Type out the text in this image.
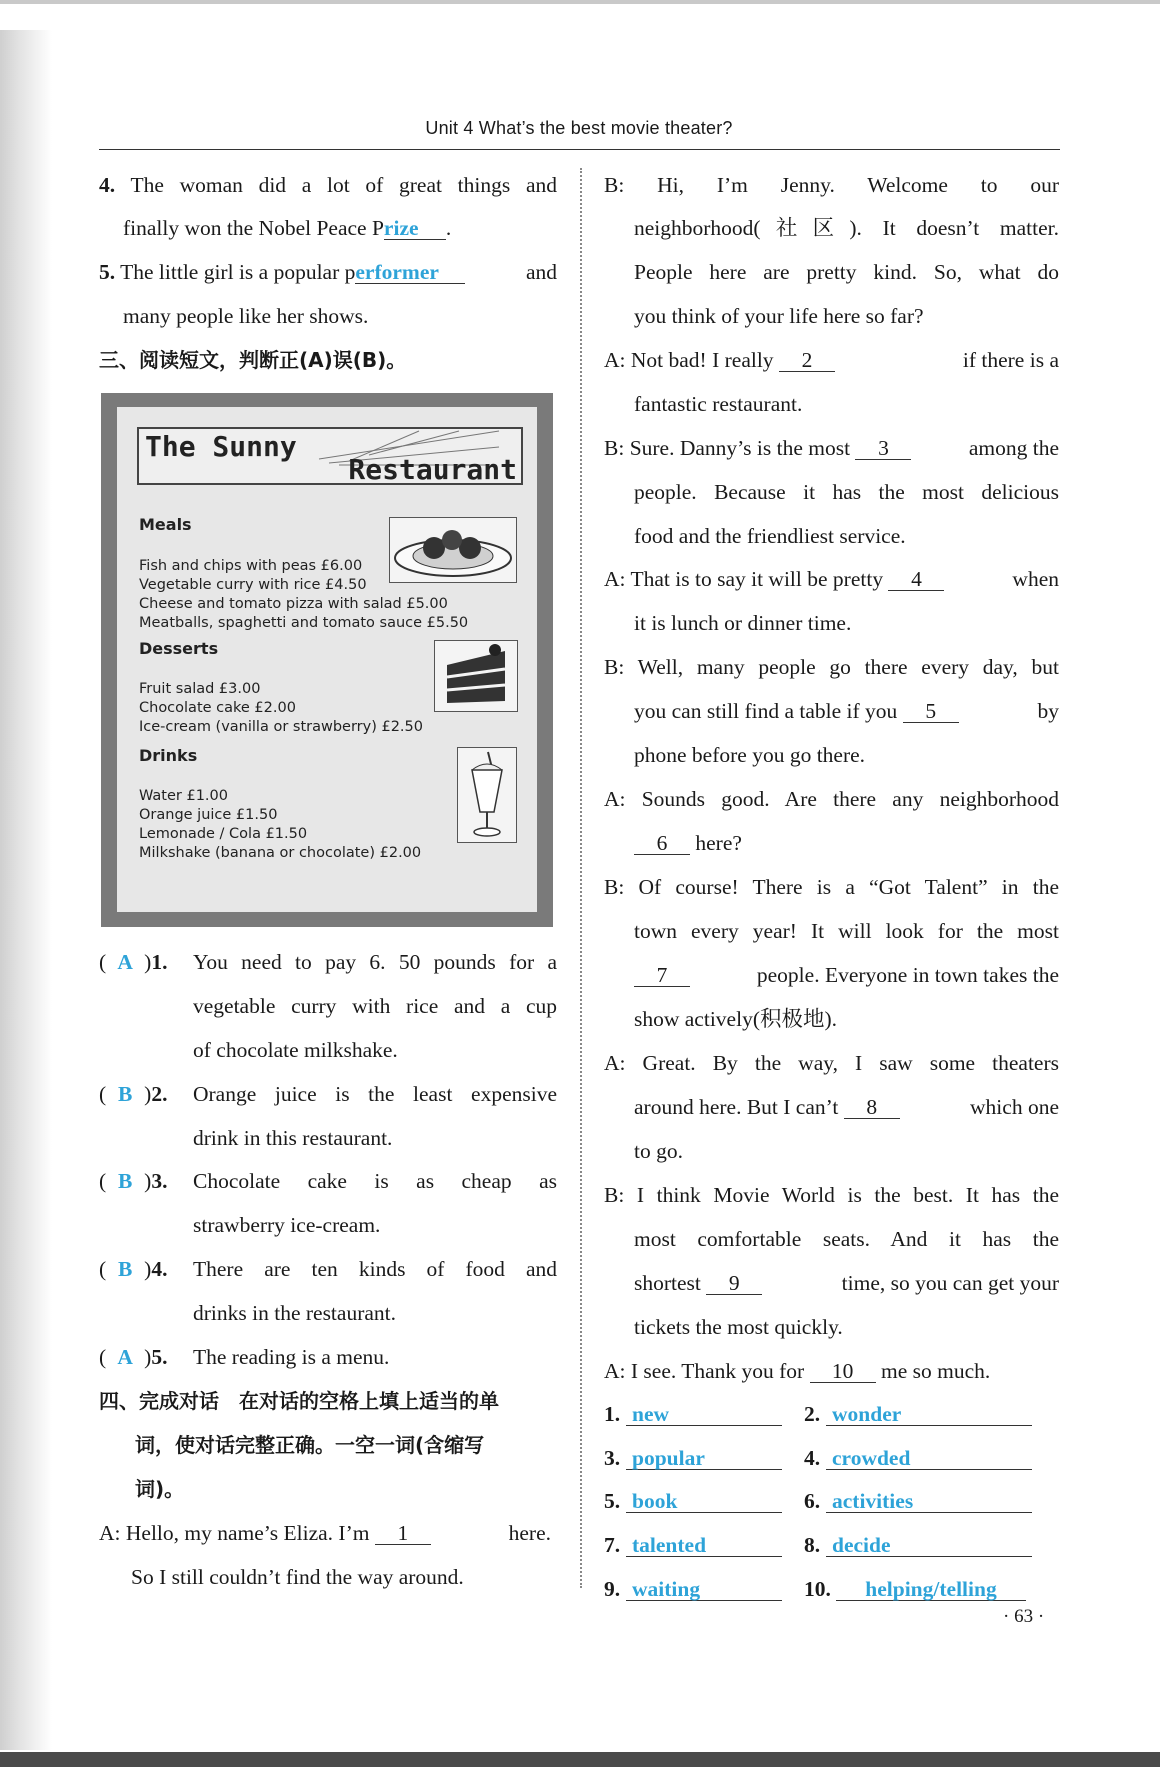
Unit 4 What’s the best movie theater?
4. The woman did a lot of great things and
finally won the Nobel Peace Prize .
5. The little girl is a popular performer	and
many people like her shows.
三、阅读短文，判断正(A)误(B)。
The Sunny
Restaurant
Meals
Fish and chips with peas £6.00
Vegetable curry with rice £4.50
Cheese and tomato pizza with salad £5.00
Meatballs, spaghetti and tomato sauce £5.50
Desserts
Fruit salad £3.00
Chocolate cake £2.00
Ice-cream (vanilla or strawberry) £2.50
Drinks
Water £1.00
Orange juice £1.50
Lemonade / Cola £1.50
Milkshake (banana or chocolate) £2.00
( A )1. You need to pay 6. 50 pounds for a
vegetable curry with rice and a cup
of chocolate milkshake.
( B )2. Orange juice is the least expensive
drink in this restaurant.
( B )3. Chocolate cake is as cheap as
strawberry ice-cream.
( B )4. There are ten kinds of food and
drinks in the restaurant.
( A )5. The reading is a menu.
四、完成对话　在对话的空格上填上适当的单
词，使对话完整正确。一空一词(含缩写
词)。
A: Hello, my name’s Eliza. I’m 1	here.
So I still couldn’t find the way around.
B: Hi, I’m Jenny. Welcome to our
neighborhood(社区). It doesn’t matter.
People here are pretty kind. So, what do
you think of your life here so far?
A: Not bad! I really 2	if there is a
fantastic restaurant.
B: Sure. Danny’s is the most 3	among the
people. Because it has the most delicious
food and the friendliest service.
A: That is to say it will be pretty 4	when
it is lunch or dinner time.
B: Well, many people go there every day, but
you can still find a table if you 5	by
phone before you go there.
A: Sounds good. Are there any neighborhood
6 here?
B: Of course! There is a “Got Talent” in the
town every year! It will look for the most
7	people. Everyone in town takes the
show actively(积极地).
A: Great. By the way, I saw some theaters
around here. But I can’t 8	which one
to go.
B: I think Movie World is the best. It has the
most comfortable seats. And it has the
shortest 9	time, so you can get your
tickets the most quickly.
A: I see. Thank you for 10 me so much.
1. new	2. wonder
3. popular	4. crowded
5. book	6. activities
7. talented	8. decide
9. waiting	10. helping/telling
· 63 ·
